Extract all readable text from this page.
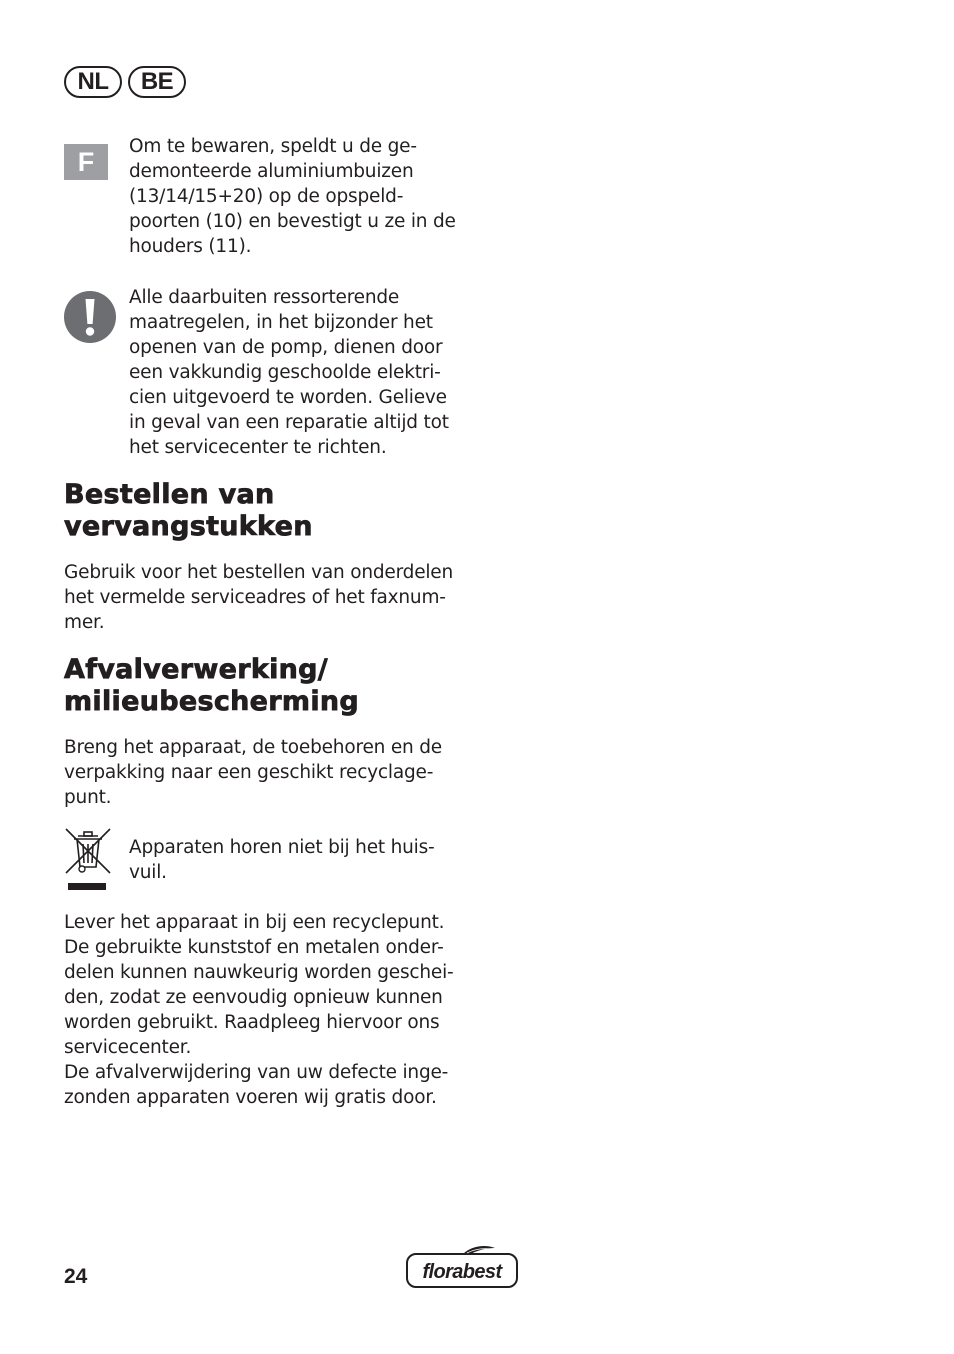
NL	BE
F	Om te bewaren, speldt u de ge-
demonteerde aluminiumbuizen
(13/14/15+20) op de opspeld-
poorten (10) en bevestigt u ze in de
houders (11).

Alle daarbuiten ressorterende
maatregelen, in het bijzonder het
openen van de pomp, dienen door
een vakkundig geschoolde elektri-
cien uitgevoerd te worden. Gelieve
in geval van een reparatie altijd tot
het servicecenter te richten.

Bestellen van
vervangstukken

Gebruik voor het bestellen van onderdelen
het vermelde serviceadres of het faxnum-
mer.

Afvalverwerking/
milieubescherming

Breng het apparaat, de toebehoren en de
verpakking naar een geschikt recyclage-
punt.

Apparaten horen niet bij het huis-
vuil.

Lever het apparaat in bij een recyclepunt.
De gebruikte kunststof en metalen onder-
delen kunnen nauwkeurig worden geschei-
den, zodat ze eenvoudig opnieuw kunnen
worden gebruikt. Raadpleeg hiervoor ons
servicecenter.
De afvalverwijdering van uw defecte inge-
zonden apparaten voeren wij gratis door.

24	florabest
